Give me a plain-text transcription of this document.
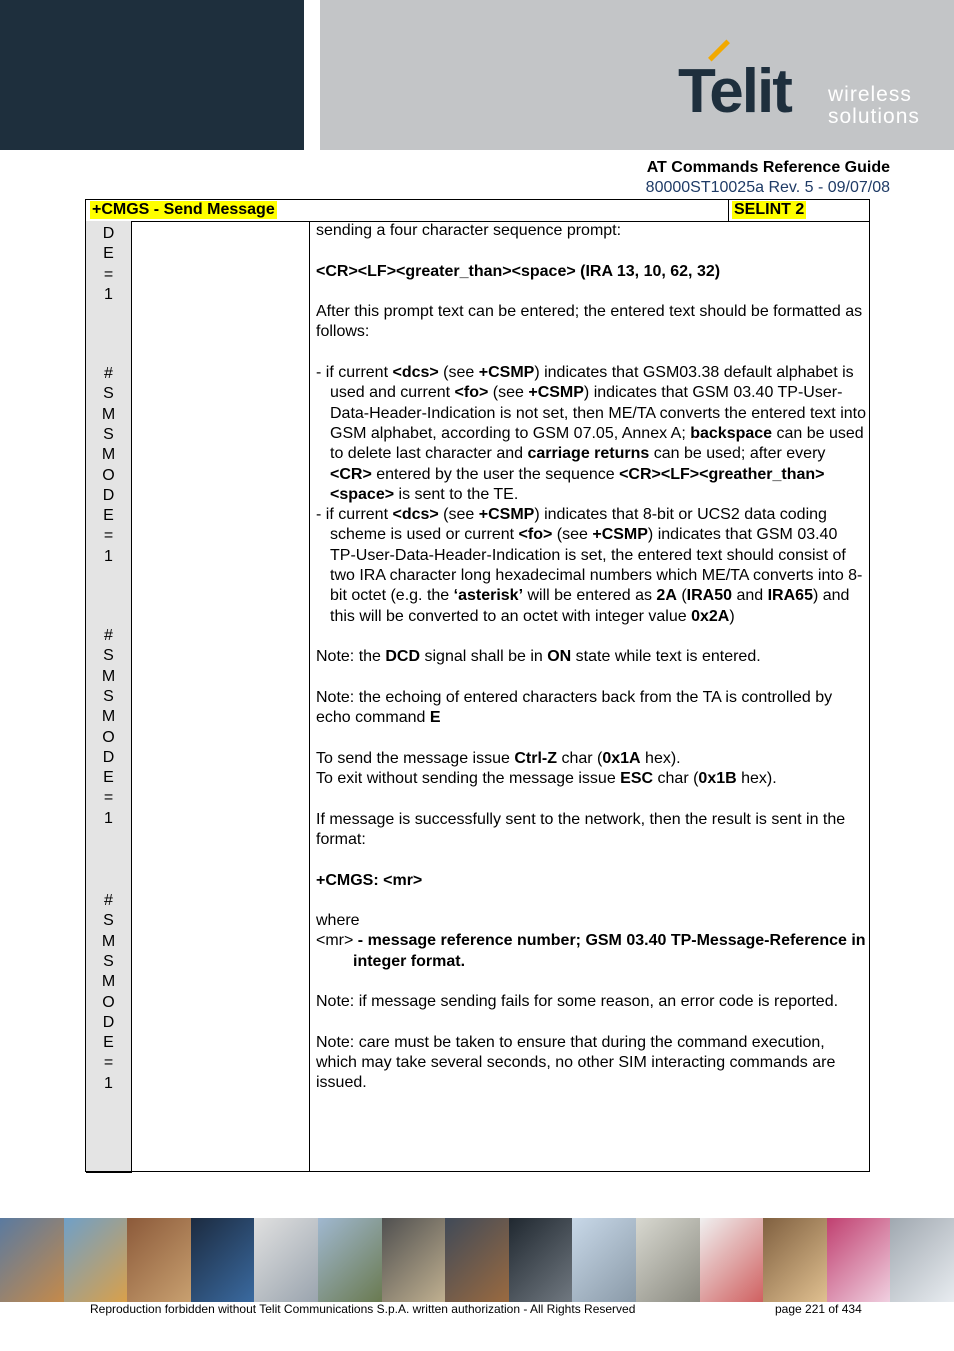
Telit wireless
solutions
AT Commands Reference Guide
80000ST10025a Rev. 5 - 09/07/08
+CMGS - Send Message	SELINT 2
D
E
=
1
#
S
M
S
M
O
D
E
=
1
#
S
M
S
M
O
D
E
=
1
#
S
M
S
M
O
D
E
=
1

sending a four character sequence prompt:

<CR><LF><greater_than><space> (IRA 13, 10, 62, 32)

After this prompt text can be entered; the entered text should be formatted as follows:

- if current <dcs> (see +CSMP) indicates that GSM03.38 default alphabet is used and current <fo> (see +CSMP) indicates that GSM 03.40 TP-User-Data-Header-Indication is not set, then ME/TA converts the entered text into GSM alphabet, according to GSM 07.05, Annex A; backspace can be used to delete last character and carriage returns can be used; after every <CR> entered by the user the sequence <CR><LF><greather_than><space> is sent to the TE.

- if current <dcs> (see +CSMP) indicates that 8-bit or UCS2 data coding scheme is used or current <fo> (see +CSMP) indicates that GSM 03.40 TP-User-Data-Header-Indication is set, the entered text should consist of two IRA character long hexadecimal numbers which ME/TA converts into 8-bit octet (e.g. the ‘asterisk’ will be entered as 2A (IRA50 and IRA65) and this will be converted to an octet with integer value 0x2A)

Note: the DCD signal shall be in ON state while text is entered.

Note: the echoing of entered characters back from the TA is controlled by echo command E

To send the message issue Ctrl-Z char (0x1A hex).

To exit without sending the message issue ESC char (0x1B hex).

If message is successfully sent to the network, then the result is sent in the format:

+CMGS: <mr>

where

<mr> - message reference number; GSM 03.40 TP-Message-Reference in integer format.

Note: if message sending fails for some reason, an error code is reported.

Note: care must be taken to ensure that during the command execution, which may take several seconds, no other SIM interacting commands are issued.

Reproduction forbidden without Telit Communications S.p.A. written authorization - All Rights Reserved	page 221 of 434
